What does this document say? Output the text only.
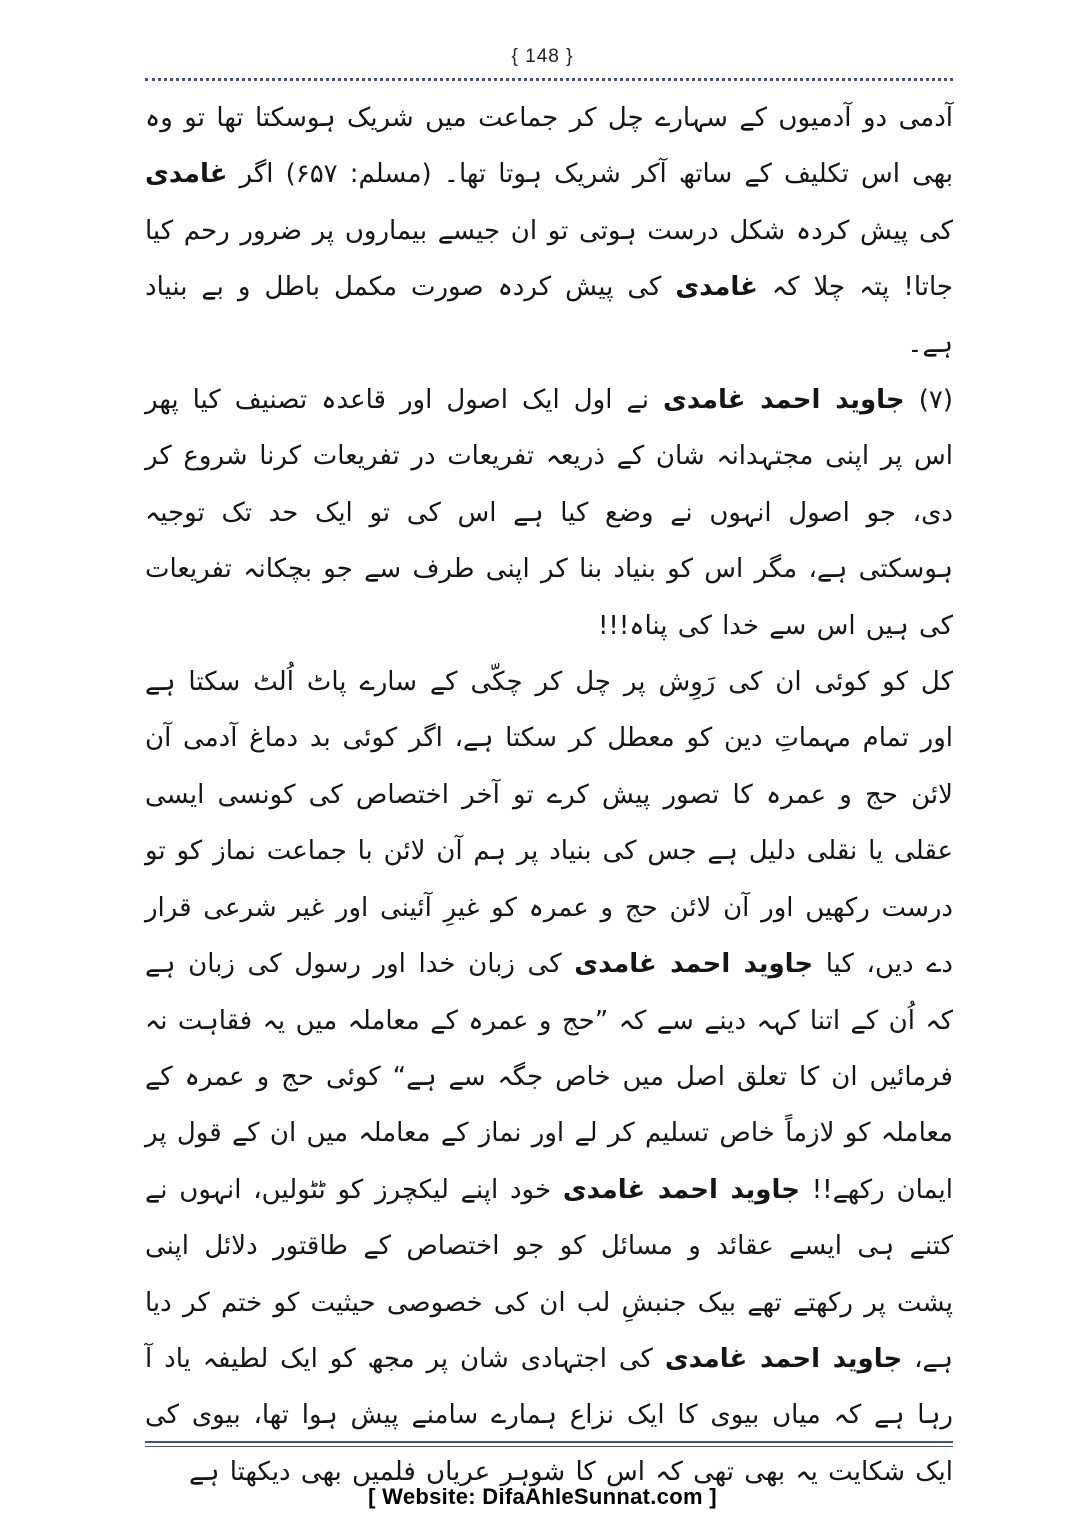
{ 148 }

آدمی دو آدمیوں کے سہارے چل کر جماعت میں شریک ہوسکتا تھا تو وہ بھی اس تکلیف کے ساتھ آکر شریک ہوتا تھا۔ (مسلم: ۶۵۷) اگر غامدی کی پیش کردہ شکل درست ہوتی تو ان جیسے بیماروں پر ضرور رحم کیا جاتا! پتہ چلا کہ غامدی کی پیش کردہ صورت مکمل باطل و بے بنیاد ہے۔

(۷) جاوید احمد غامدی نے اول ایک اصول اور قاعدہ تصنیف کیا پھر اس پر اپنی مجتہدانہ شان کے ذریعہ تفریعات در تفریعات کرنا شروع کر دی، جو اصول انہوں نے وضع کیا ہے اس کی تو ایک حد تک توجیہ ہوسکتی ہے، مگر اس کو بنیاد بنا کر اپنی طرف سے جو بچکانہ تفریعات کی ہیں اس سے خدا کی پناہ!!!

کل کو کوئی ان کی رَوِش پر چل کر چکّی کے سارے پاٹ اُلٹ سکتا ہے اور تمام مہماتِ دین کو معطل کر سکتا ہے، اگر کوئی بد دماغ آدمی آن لائن حج و عمرہ کا تصور پیش کرے تو آخر اختصاص کی کونسی ایسی عقلی یا نقلی دلیل ہے جس کی بنیاد پر ہم آن لائن با جماعت نماز کو تو درست رکھیں اور آن لائن حج و عمرہ کو غیرِ آئینی اور غیر شرعی قرار دے دیں، کیا جاوید احمد غامدی کی زبان خدا اور رسول کی زبان ہے کہ اُن کے اتنا کہہ دینے سے کہ ”حج و عمرہ کے معاملہ میں یہ فقاہت نہ فرمائیں ان کا تعلق اصل میں خاص جگہ سے ہے“ کوئی حج و عمرہ کے معاملہ کو لازماً خاص تسلیم کر لے اور نماز کے معاملہ میں ان کے قول پر ایمان رکھے!! جاوید احمد غامدی خود اپنے لیکچرز کو ٹٹولیں، انہوں نے کتنے ہی ایسے عقائد و مسائل کو جو اختصاص کے طاقتور دلائل اپنی پشت پر رکھتے تھے بیک جنبشِ لب ان کی خصوصی حیثیت کو ختم کر دیا ہے، جاوید احمد غامدی کی اجتہادی شان پر مجھ کو ایک لطیفہ یاد آ رہا ہے کہ میاں بیوی کا ایک نزاع ہمارے سامنے پیش ہوا تھا، بیوی کی ایک شکایت یہ بھی تھی کہ اس کا شوہر عریاں فلمیں بھی دیکھتا ہے

[ Website: DifaAhleSunnat.com ]
